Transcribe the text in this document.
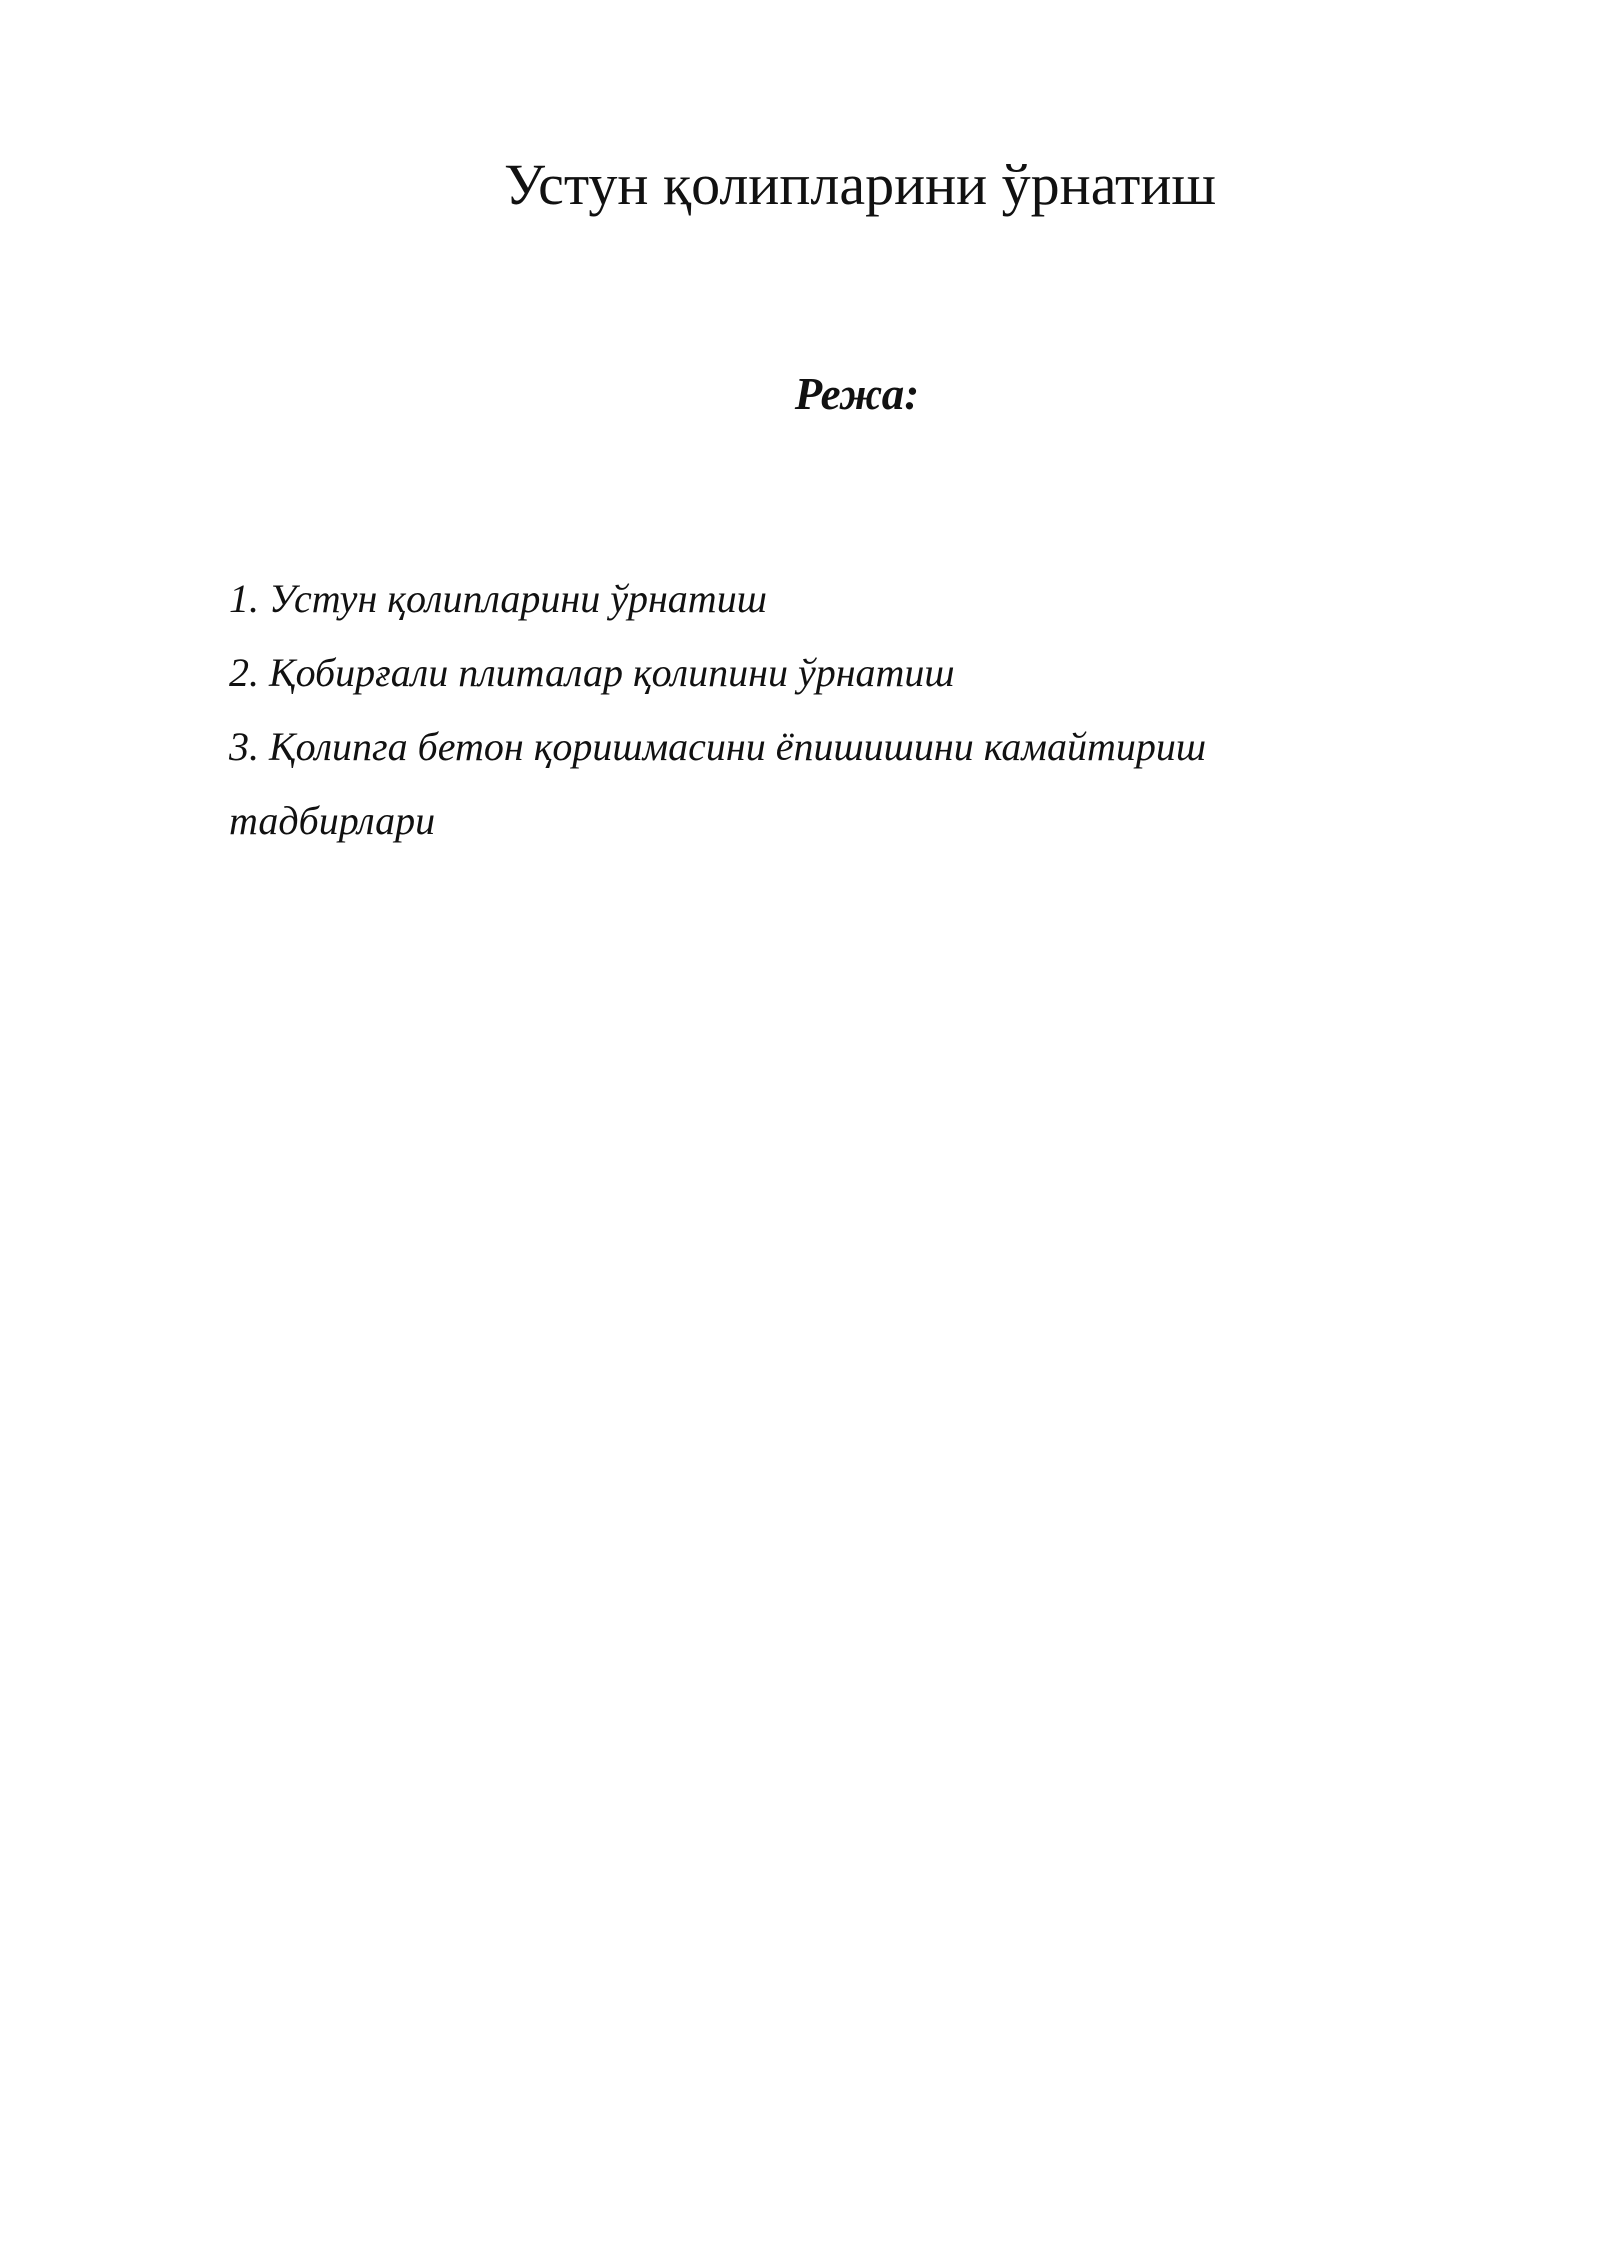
Устун қолипларини ўрнатиш
Режа:
1. Устун қолипларини ўрнатиш
2. Қобирғали плиталар қолипини ўрнатиш
3. Қолипга бетон қоришмасини ёпишишини камайтириш тадбирлари
